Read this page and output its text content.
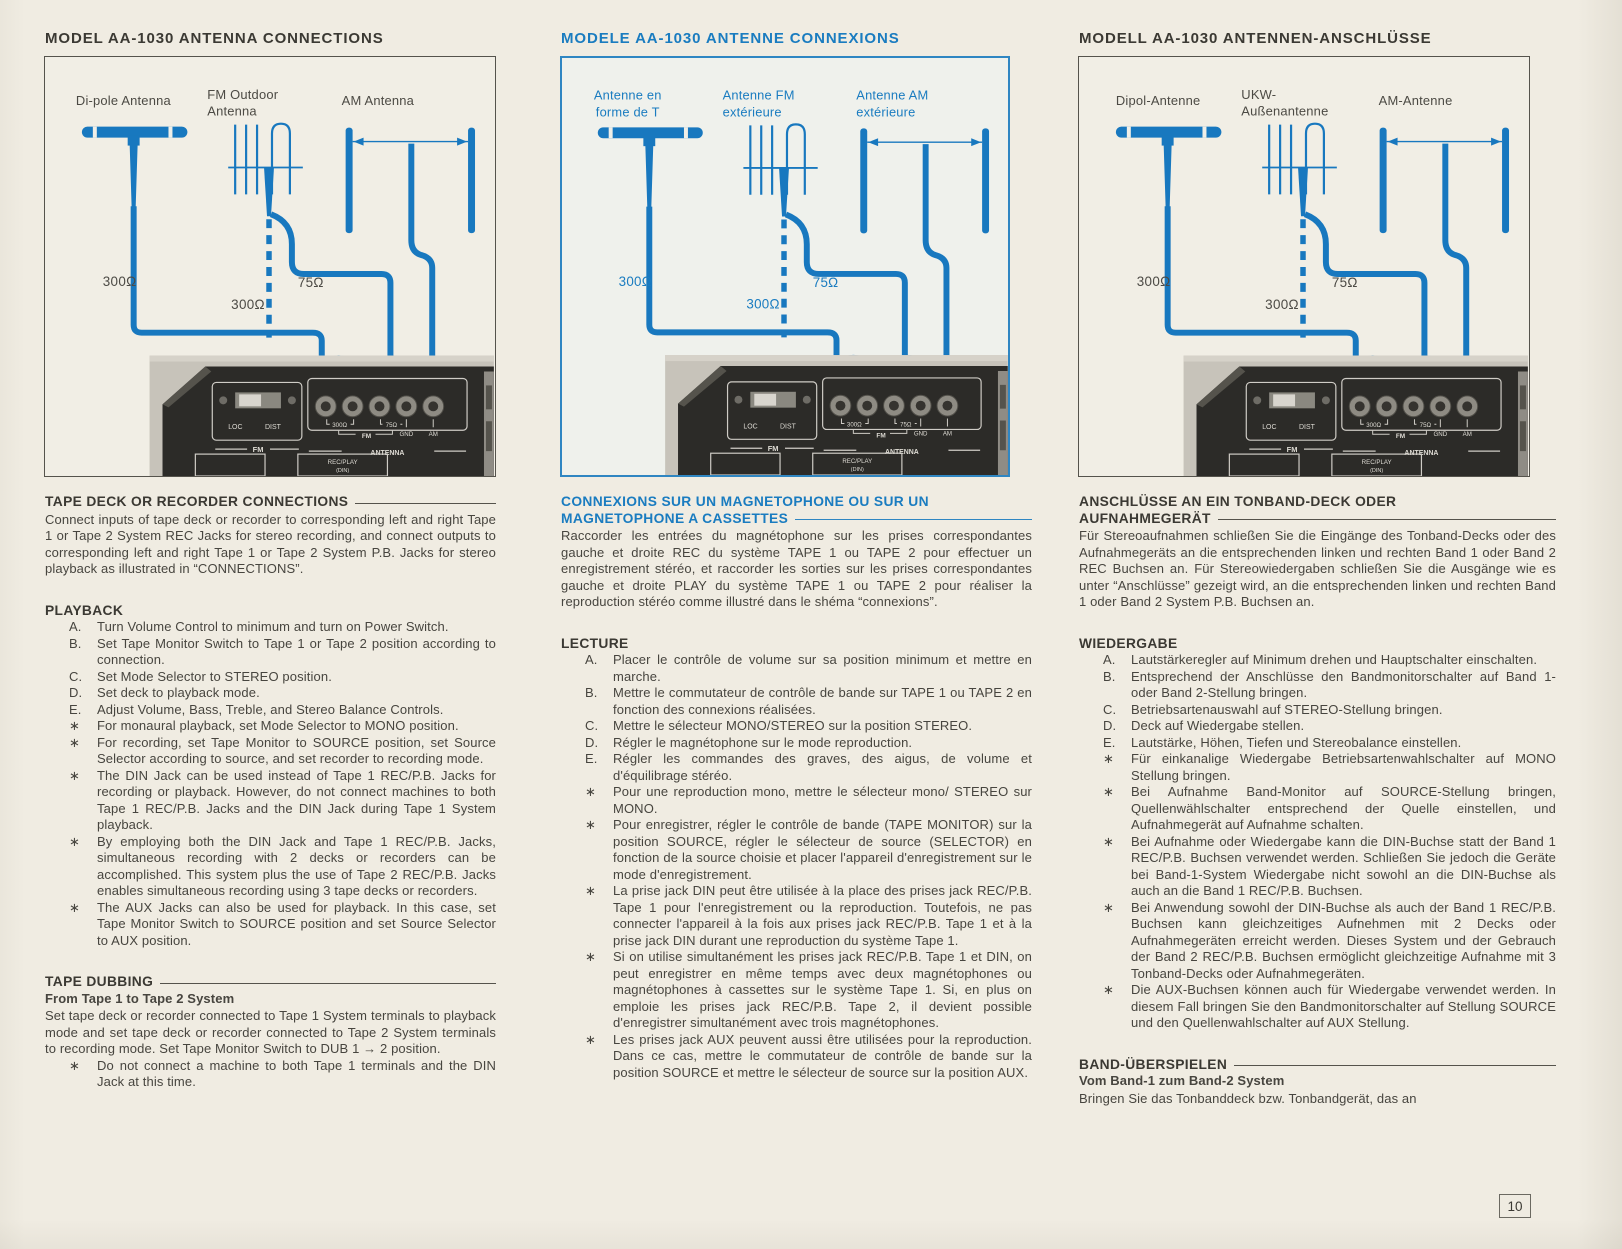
MODEL AA-1030 ANTENNA CONNECTIONS
Di-pole Antenna	FM Outdoor Antenna
AM Antenna
TAPE DECK OR RECORDER CONNECTIONS

Connect inputs of tape deck or recorder to corresponding left and right Tape 1 or Tape 2 System REC Jacks for stereo recording, and connect outputs to corresponding left and right Tape 1 or Tape 2 System P.B. Jacks for stereo playback as illustrated in “CONNECTIONS”.

PLAYBACK
A. Turn Volume Control to minimum and turn on Power Switch.
B. Set Tape Monitor Switch to Tape 1 or Tape 2 position according to connection.
C. Set Mode Selector to STEREO position.
D. Set deck to playback mode.
E. Adjust Volume, Bass, Treble, and Stereo Balance Controls.
∗ For monaural playback, set Mode Selector to MONO position.
∗ For recording, set Tape Monitor to SOURCE position, set Source Selector according to source, and set recorder to recording mode.
∗ The DIN Jack can be used instead of Tape 1 REC/P.B. Jacks for recording or playback. However, do not connect machines to both Tape 1 REC/P.B. Jacks and the DIN Jack during Tape 1 System playback.
∗ By employing both the DIN Jack and Tape 1 REC/P.B. Jacks, simultaneous recording with 2 decks or recorders can be accomplished. This system plus the use of Tape 2 REC/P.B. Jacks enables simultaneous recording using 3 tape decks or recorders.
∗ The AUX Jacks can also be used for playback. In this case, set Tape Monitor Switch to SOURCE position and set Source Selector to AUX position.
TAPE DUBBING
From Tape 1 to Tape 2 System

Set tape deck or recorder connected to Tape 1 System terminals to playback mode and set tape deck or recorder connected to Tape 2 System terminals to recording mode. Set Tape Monitor Switch to DUB 1 → 2 position.

∗ Do not connect a machine to both Tape 1 terminals and the DIN Jack at this time.
MODELE AA-1030 ANTENNE CONNEXIONS
Antenne en forme de T
Antenne FM extérieure
Antenne AM extérieure
CONNEXIONS SUR UN MAGNETOPHONE OU SUR UN
MAGNETOPHONE A CASSETTES

Raccorder les entrées du magnétophone sur les prises correspondantes gauche et droite REC du système TAPE 1 ou TAPE 2 pour effectuer un enregistrement stéréo, et raccorder les sorties sur les prises correspondantes gauche et droite PLAY du système TAPE 1 ou TAPE 2 pour réaliser la reproduction stéréo comme illustré dans le shéma “connexions”.

LECTURE
A. Placer le contrôle de volume sur sa position minimum et mettre en marche.
B. Mettre le commutateur de contrôle de bande sur TAPE 1 ou TAPE 2 en fonction des connexions réalisées.
C. Mettre le sélecteur MONO/STEREO sur la position STEREO.
D. Régler le magnétophone sur le mode reproduction.
E. Régler les commandes des graves, des aigus, de volume et d'équilibrage stéréo.
∗ Pour une reproduction mono, mettre le sélecteur mono/ STEREO sur MONO.
∗ Pour enregistrer, régler le contrôle de bande (TAPE MONITOR) sur la position SOURCE, régler le sélecteur de source (SELECTOR) en fonction de la source choisie et placer l'appareil d'enregistrement sur le mode d'enregistrement.
∗ La prise jack DIN peut être utilisée à la place des prises jack REC/P.B. Tape 1 pour l'enregistrement ou la reproduction. Toutefois, ne pas connecter l'appareil à la fois aux prises jack REC/P.B. Tape 1 et à la prise jack DIN durant une reproduction du système Tape 1.
∗ Si on utilise simultanément les prises jack REC/P.B. Tape 1 et DIN, on peut enregistrer en même temps avec deux magnétophones ou magnétophones à cassettes sur le système Tape 1. Si, en plus on emploie les prises jack REC/P.B. Tape 2, il devient possible d'enregistrer simultanément avec trois magnétophones.
∗ Les prises jack AUX peuvent aussi être utilisées pour la reproduction. Dans ce cas, mettre le commutateur de contrôle de bande sur la position SOURCE et mettre le sélecteur de source sur la position AUX.
MODELL AA-1030 ANTENNEN-ANSCHLÜSSE
Dipol-Antenne	UKW-Außenantenne
AM-Antenne
ANSCHLÜSSE AN EIN TONBAND-DECK ODER
AUFNAHMEGERÄT

Für Stereoaufnahmen schließen Sie die Eingänge des Tonband-Decks oder des Aufnahmegeräts an die entsprechenden linken und rechten Band 1 oder Band 2 REC Buchsen an. Für Stereowiedergaben schließen Sie die Ausgänge wie es unter “Anschlüsse” gezeigt wird, an die entsprechenden linken und rechten Band 1 oder Band 2 System P.B. Buchsen an.

WIEDERGABE
A. Lautstärkeregler auf Minimum drehen und Hauptschalter einschalten.
B. Entsprechend der Anschlüsse den Bandmonitorschalter auf Band 1- oder Band 2-Stellung bringen.
C. Betriebsartenauswahl auf STEREO-Stellung bringen.
D. Deck auf Wiedergabe stellen.
E. Lautstärke, Höhen, Tiefen und Stereobalance einstellen.
∗ Für einkanalige Wiedergabe Betriebsartenwahlschalter auf MONO Stellung bringen.
∗ Bei Aufnahme Band-Monitor auf SOURCE-Stellung bringen, Quellenwählschalter entsprechend der Quelle einstellen, und Aufnahmegerät auf Aufnahme schalten.
∗ Bei Aufnahme oder Wiedergabe kann die DIN-Buchse statt der Band 1 REC/P.B. Buchsen verwendet werden. Schließen Sie jedoch die Geräte bei Band-1-System Wiedergabe nicht sowohl an die DIN-Buchse als auch an die Band 1 REC/P.B. Buchsen.
∗ Bei Anwendung sowohl der DIN-Buchse als auch der Band 1 REC/P.B. Buchsen kann gleichzeitiges Aufnehmen mit 2 Decks oder Aufnahmegeräten erreicht werden. Dieses System und der Gebrauch der Band 2 REC/P.B. Buchsen ermöglicht gleichzeitige Aufnahme mit 3 Tonband-Decks oder Aufnahmegeräten.
∗ Die AUX-Buchsen können auch für Wiedergabe verwendet werden. In diesem Fall bringen Sie den Bandmonitorschalter auf Stellung SOURCE und den Quellenwahlschalter auf AUX Stellung.
BAND-ÜBERSPIELEN
Vom Band-1 zum Band-2 System

Bringen Sie das Tonbanddeck bzw. Tonbandgerät, das an

10
